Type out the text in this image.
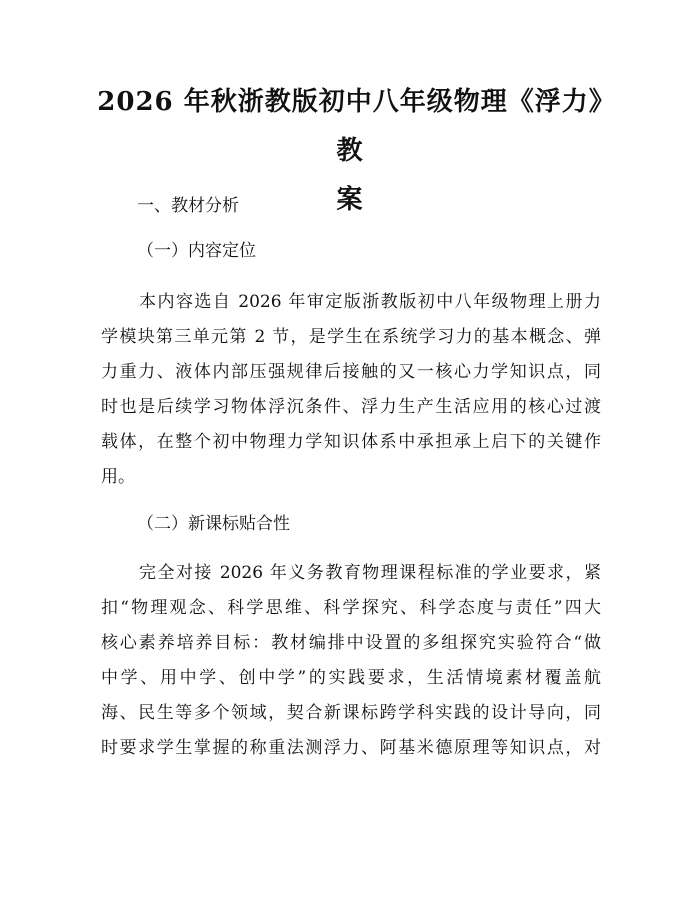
2026 年秋浙教版初中八年级物理《浮力》教
案

一、教材分析

（一）内容定位

本内容选自 2026 年审定版浙教版初中八年级物理上册力
学模块第三单元第 2 节，是学生在系统学习力的基本概念、弹
力重力、液体内部压强规律后接触的又一核心力学知识点，同
时也是后续学习物体浮沉条件、浮力生产生活应用的核心过渡
载体，在整个初中物理力学知识体系中承担承上启下的关键作
用。

（二）新课标贴合性

完全对接 2026 年义务教育物理课程标准的学业要求，紧
扣“物理观念、科学思维、科学探究、科学态度与责任”四大
核心素养培养目标：教材编排中设置的多组探究实验符合“做
中学、用中学、创中学”的实践要求，生活情境素材覆盖航
海、民生等多个领域，契合新课标跨学科实践的设计导向，同
时要求学生掌握的称重法测浮力、阿基米德原理等知识点，对
